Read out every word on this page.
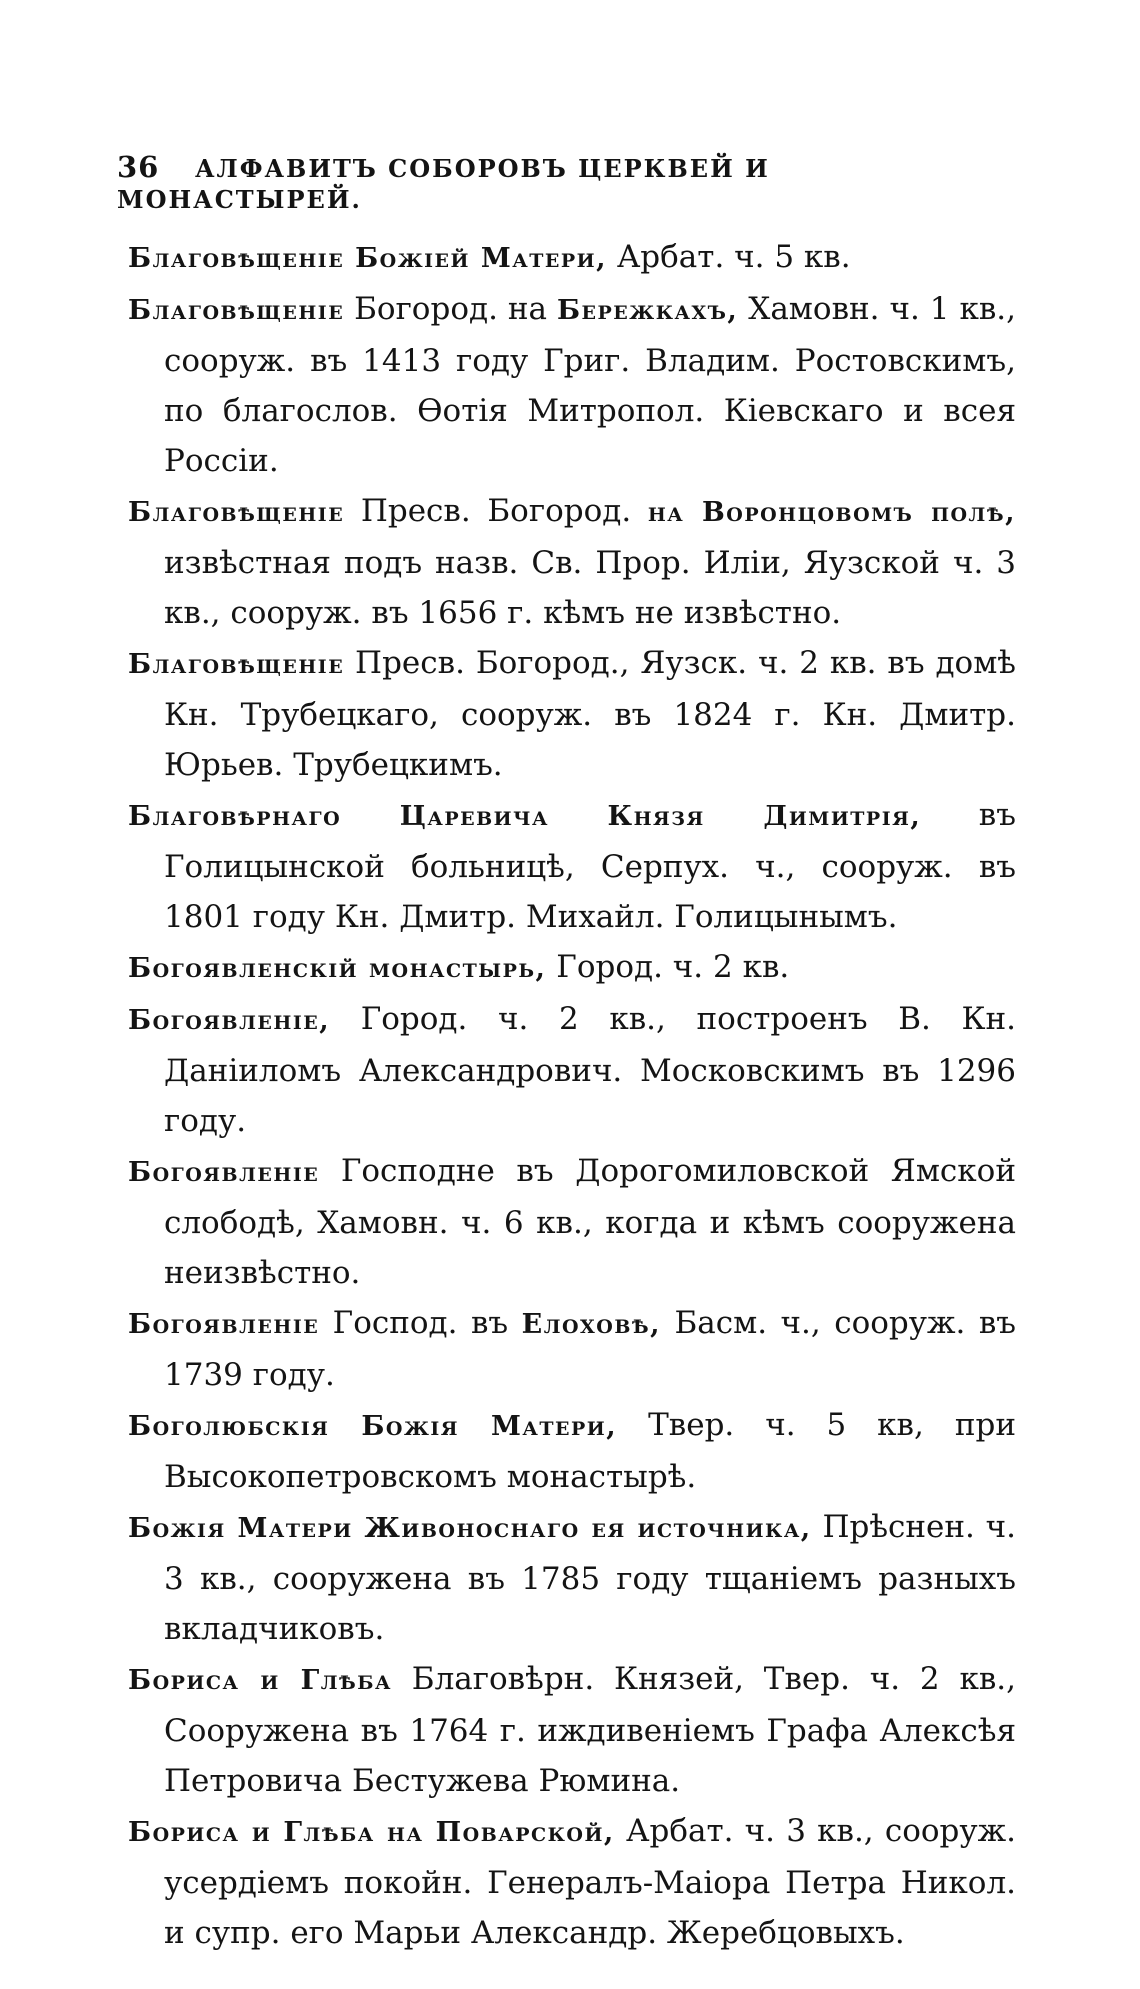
36 АЛФАВИТЪ СОБОРОВЪ ЦЕРКВЕЙ И МОНАСТЫРЕЙ.

Благовѣщеніе Божіей Матери, Арбат. ч. 5 кв.

Благовѣщеніе Богород. на Бережкахъ, Хамовн. ч. 1 кв., сооруж. въ 1413 году Григ. Владим. Ростовскимъ, по благослов. Ѳотія Митропол. Кіевскаго и всея Россіи.

Благовѣщеніе Пресв. Богород. на Воронцовомъ полѣ, извѣстная подъ назв. Св. Прор. Иліи, Яузской ч. 3 кв., сооруж. въ 1656 г. кѣмъ не извѣстно.

Благовѣщеніе Пресв. Богород., Яузск. ч. 2 кв. въ домѣ Кн. Трубецкаго, сооруж. въ 1824 г. Кн. Дмитр. Юрьев. Трубецкимъ.

Благовѣрнаго Царевича Князя Димитрія, въ Голицынской больницѣ, Серпух. ч., сооруж. въ 1801 году Кн. Дмитр. Михайл. Голицынымъ.

Богоявленскій монастырь, Город. ч. 2 кв.

Богоявленіе, Город. ч. 2 кв., построенъ В. Кн. Даніиломъ Александрович. Московскимъ въ 1296 году.

Богоявленіе Господне въ Дорогомиловской Ямской слободѣ, Хамовн. ч. 6 кв., когда и кѣмъ сооружена неизвѣстно.

Богоявленіе Господ. въ Елоховѣ, Басм. ч., сооруж. въ 1739 году.

Боголюбскія Божія Матери, Твер. ч. 5 кв, при Высокопетровскомъ монастырѣ.

Божія Матери Живоноснаго ея источника, Прѣснен. ч. 3 кв., сооружена въ 1785 году тщаніемъ разныхъ вкладчиковъ.

Бориса и Глѣба Благовѣрн. Князей, Твер. ч. 2 кв., Сооружена въ 1764 г. иждивеніемъ Графа Алексѣя Петровича Бестужева Рюмина.

Бориса и Глѣба на Поварской, Арбат. ч. 3 кв., сооруж. усердіемъ покойн. Генералъ-Маіора Петра Никол. и супр. его Марьи Александр. Жеребцовыхъ.
